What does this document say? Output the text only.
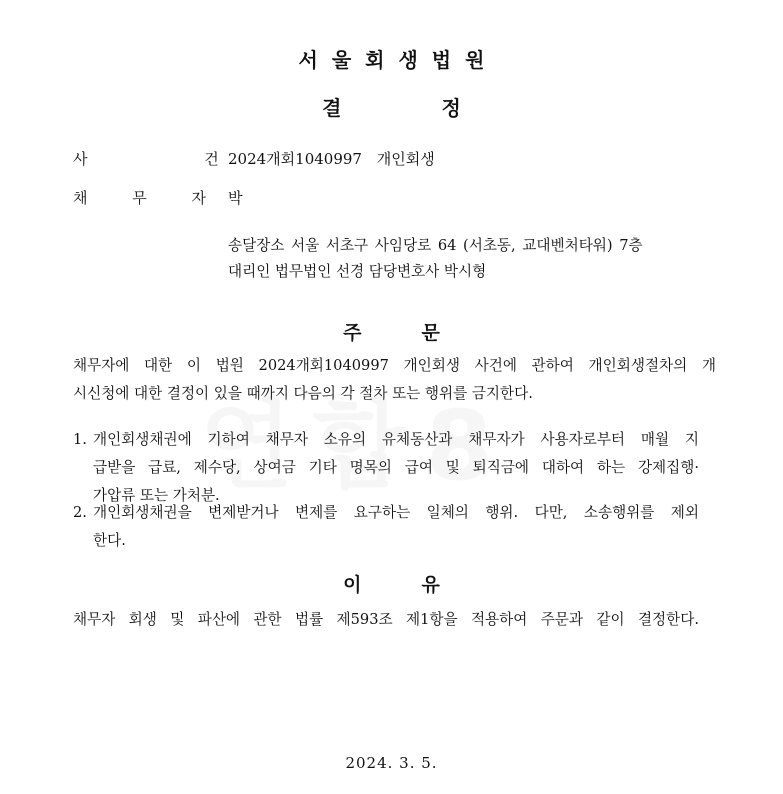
서울회생법원
결정
사 건
2024개회1040997 개인회생
채 무 자 박
송달장소 서울 서초구 사임당로 64 (서초동, 교대벤처타워) 7층
대리인 법무법인 선경 담당변호사 박시형
주문
채무자에 대한 이 법원 2024개회1040997 개인회생 사건에 관하여 개인회생절차의 개
시신청에 대한 결정이 있을 때까지 다음의 각 절차 또는 행위를 금지한다.
1. 개인회생채권에 기하여 채무자 소유의 유체동산과 채무자가 사용자로부터 매월 지
급받을 급료, 제수당, 상여금 기타 명목의 급여 및 퇴직금에 대하여 하는 강제집행·
가압류 또는 가처분.
2. 개인회생채권을 변제받거나 변제를 요구하는 일체의 행위. 다만, 소송행위를 제외
한다.
이유
채무자 회생 및 파산에 관한 법률 제593조 제1항을 적용하여 주문과 같이 결정한다.
2024. 3. 5.
